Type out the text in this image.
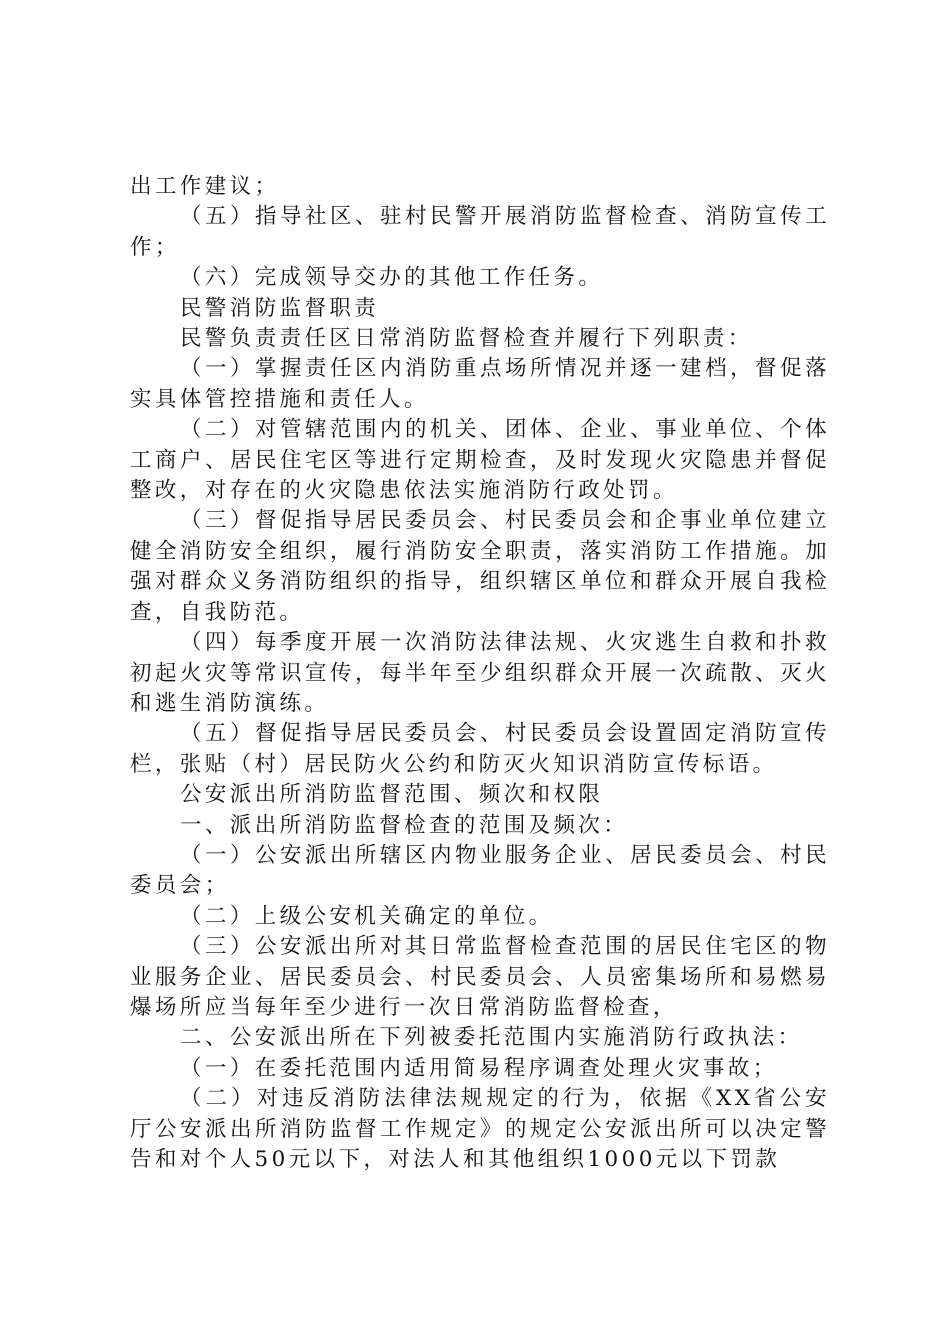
出工作建议；

（五）指导社区、驻村民警开展消防监督检查、消防宣传工作；

（六）完成领导交办的其他工作任务。

民警消防监督职责

民警负责责任区日常消防监督检查并履行下列职责：

（一）掌握责任区内消防重点场所情况并逐一建档，督促落实具体管控措施和责任人。

（二）对管辖范围内的机关、团体、企业、事业单位、个体工商户、居民住宅区等进行定期检查，及时发现火灾隐患并督促整改，对存在的火灾隐患依法实施消防行政处罚。

（三）督促指导居民委员会、村民委员会和企事业单位建立健全消防安全组织，履行消防安全职责，落实消防工作措施。加强对群众义务消防组织的指导，组织辖区单位和群众开展自我检查，自我防范。

（四）每季度开展一次消防法律法规、火灾逃生自救和扑救初起火灾等常识宣传，每半年至少组织群众开展一次疏散、灭火和逃生消防演练。

（五）督促指导居民委员会、村民委员会设置固定消防宣传栏，张贴（村）居民防火公约和防灭火知识消防宣传标语。

公安派出所消防监督范围、频次和权限

一、派出所消防监督检查的范围及频次：

（一）公安派出所辖区内物业服务企业、居民委员会、村民委员会；

（二）上级公安机关确定的单位。

（三）公安派出所对其日常监督检查范围的居民住宅区的物业服务企业、居民委员会、村民委员会、人员密集场所和易燃易爆场所应当每年至少进行一次日常消防监督检查，

二、公安派出所在下列被委托范围内实施消防行政执法：

（一）在委托范围内适用简易程序调查处理火灾事故；

（二）对违反消防法律法规规定的行为，依据《XX省公安厅公安派出所消防监督工作规定》的规定公安派出所可以决定警告和对个人50元以下，对法人和其他组织1000元以下罚款
